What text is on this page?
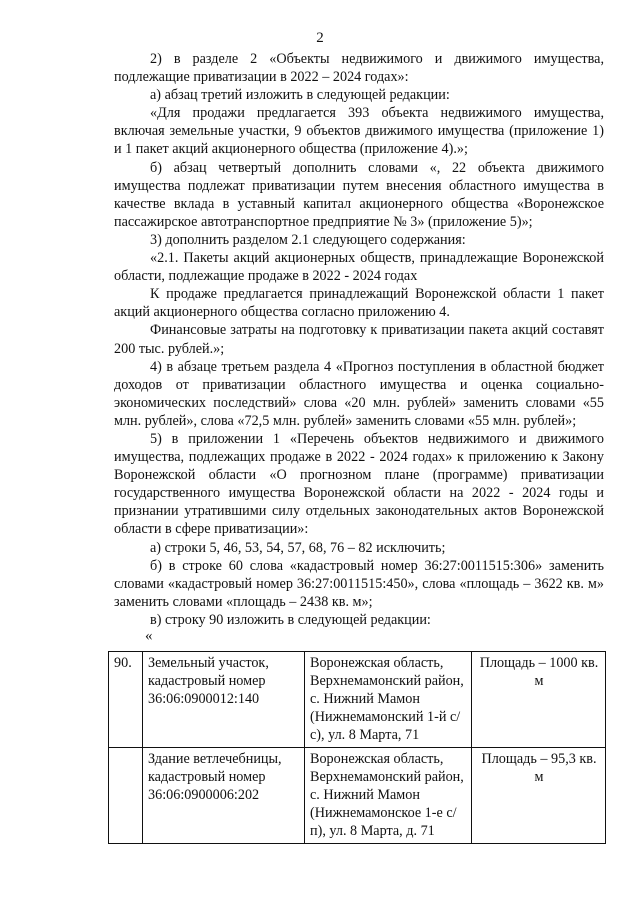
2

2) в разделе 2 «Объекты недвижимого и движимого имущества, подлежащие приватизации в 2022 – 2024 годах»:

а) абзац третий изложить в следующей редакции:

«Для продажи предлагается 393 объекта недвижимого имущества, включая земельные участки, 9 объектов движимого имущества (приложение 1) и 1 пакет акций акционерного общества (приложение 4).»;

б) абзац четвертый дополнить словами «, 22 объекта движимого имущества подлежат приватизации путем внесения областного имущества в качестве вклада в уставный капитал акционерного общества «Воронежское пассажирское автотранспортное предприятие № 3» (приложение 5)»;

3) дополнить разделом 2.1 следующего содержания:

«2.1. Пакеты акций акционерных обществ, принадлежащие Воронежской области, подлежащие продаже в 2022 - 2024 годах

К продаже предлагается принадлежащий Воронежской области 1 пакет акций акционерного общества согласно приложению 4.

Финансовые затраты на подготовку к приватизации пакета акций составят 200 тыс. рублей.»;

4) в абзаце третьем раздела 4 «Прогноз поступления в областной бюджет доходов от приватизации областного имущества и оценка социально-экономических последствий» слова «20 млн. рублей» заменить словами «55 млн. рублей», слова «72,5 млн. рублей» заменить словами «55 млн. рублей»;

5) в приложении 1 «Перечень объектов недвижимого и движимого имущества, подлежащих продаже в 2022 - 2024 годах» к приложению к Закону Воронежской области «О прогнозном плане (программе) приватизации государственного имущества Воронежской области на 2022 - 2024 годы и признании утратившими силу отдельных законодательных актов Воронежской области в сфере приватизации»:

а) строки 5, 46, 53, 54, 57, 68, 76 – 82 исключить;

б) в строке 60 слова «кадастровый номер 36:27:0011515:306» заменить словами «кадастровый номер 36:27:0011515:450», слова «площадь – 3622 кв. м» заменить словами «площадь – 2438 кв. м»;

в) строку 90 изложить в следующей редакции:

«
90.	Земельный участок, кадастровый номер 36:06:0900012:140	Воронежская область, Верхнемамонский район, с. Нижний Мамон (Нижнемамонский 1-й с/с), ул. 8 Марта, 71	Площадь – 1000 кв. м
	Здание ветлечебницы, кадастровый номер 36:06:0900006:202	Воронежская область, Верхнемамонский район, с. Нижний Мамон (Нижнемамонское 1-е с/п), ул. 8 Марта, д. 71	Площадь – 95,3 кв. м
